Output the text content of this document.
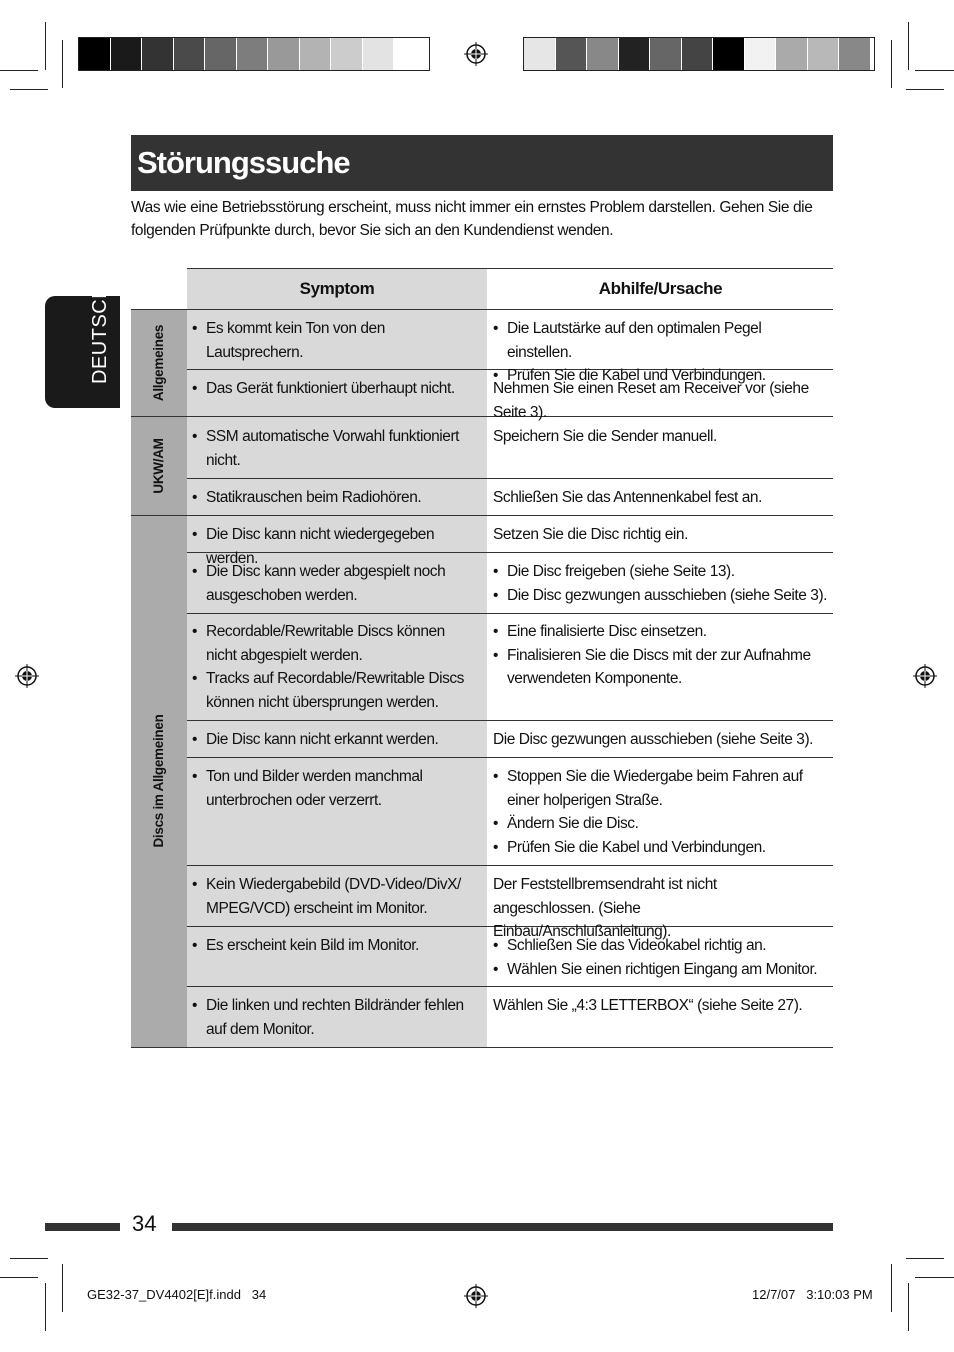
Störungssuche
Was wie eine Betriebsstörung erscheint, muss nicht immer ein ernstes Problem darstellen. Gehen Sie die folgenden Prüfpunkte durch, bevor Sie sich an den Kundendienst wenden.
DEUTSCH	Symptom	Abhilfe/Ursache
Allgemeines
UKW/AM
Discs im Allgemeinen
• Es kommt kein Ton von den Lautsprechern.
• Die Lautstärke auf den optimalen Pegel einstellen.
• Prüfen Sie die Kabel und Verbindungen.
• Das Gerät funktioniert überhaupt nicht.	Nehmen Sie einen Reset am Receiver vor (siehe Seite 3).
• SSM automatische Vorwahl funktioniert nicht.
Speichern Sie die Sender manuell.
• Statikrauschen beim Radiohören.	Schließen Sie das Antennenkabel fest an.
• Die Disc kann nicht wiedergegeben werden.
Setzen Sie die Disc richtig ein.
• Die Disc kann weder abgespielt noch ausgeschoben werden.
• Die Disc freigeben (siehe Seite 13).
• Die Disc gezwungen ausschieben (siehe Seite 3).
• Recordable/Rewritable Discs können nicht abgespielt werden.
• Tracks auf Recordable/Rewritable Discs können nicht übersprungen werden.
• Eine finalisierte Disc einsetzen.
• Finalisieren Sie die Discs mit der zur Aufnahme verwendeten Komponente.
• Die Disc kann nicht erkannt werden.	Die Disc gezwungen ausschieben (siehe Seite 3).
• Ton und Bilder werden manchmal unterbrochen oder verzerrt.
• Stoppen Sie die Wiedergabe beim Fahren auf einer holperigen Straße.
• Ändern Sie die Disc.
• Prüfen Sie die Kabel und Verbindungen.
• Kein Wiedergabebild (DVD-Video/DivX/ MPEG/VCD) erscheint im Monitor.
Der Feststellbremsendraht ist nicht angeschlossen. (Siehe Einbau/Anschlußanleitung).
• Es erscheint kein Bild im Monitor.
•	Schließen Sie das Videokabel richtig an.
• Wählen Sie einen richtigen Eingang am Monitor.
• Die linken und rechten Bildränder fehlen auf dem Monitor.
Wählen Sie „4:3 LETTERBOX“ (siehe Seite 27).
34
GE32-37_DV4402[E]f.indd   34	12/7/07   3:10:03 PM
